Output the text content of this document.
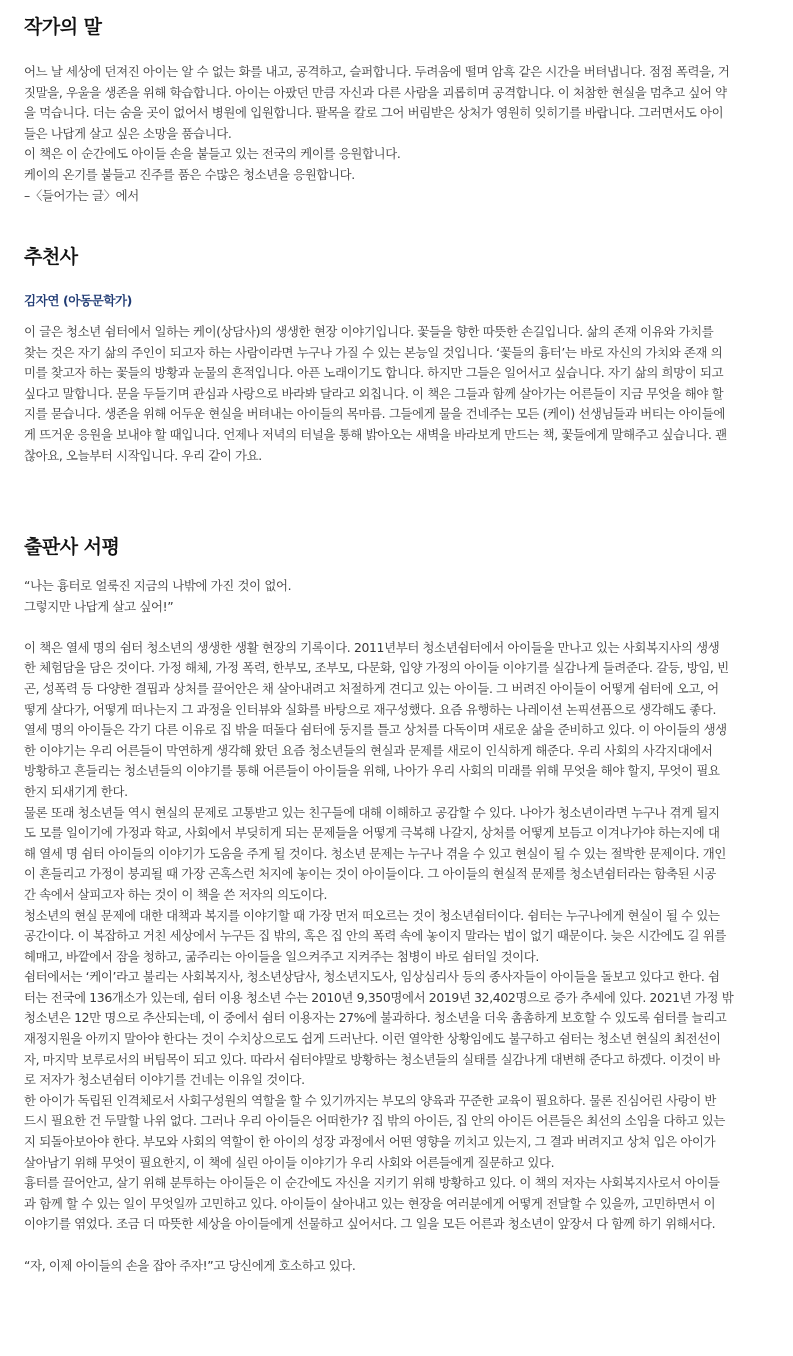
작가의 말
어느 날 세상에 던져진 아이는 알 수 없는 화를 내고, 공격하고, 슬퍼합니다. 두려움에 떨며 암흑 같은 시간을 버텨냅니다. 점점 폭력을, 거
짓말을, 우울을 생존을 위해 학습합니다. 아이는 아팠던 만큼 자신과 다른 사람을 괴롭히며 공격합니다. 이 처참한 현실을 멈추고 싶어 약
을 먹습니다. 더는 숨을 곳이 없어서 병원에 입원합니다. 팔목을 칼로 그어 버림받은 상처가 영원히 잊히기를 바랍니다. 그러면서도 아이
들은 나답게 살고 싶은 소망을 품습니다.
이 책은 이 순간에도 아이들 손을 붙들고 있는 전국의 케이를 응원합니다.
케이의 온기를 붙들고 진주를 품은 수많은 청소년을 응원합니다.
–〈들어가는 글〉에서
추천사
김자연 (아동문학가)
이 글은 청소년 쉼터에서 일하는 케이(상담사)의 생생한 현장 이야기입니다. 꽃들을 향한 따뜻한 손길입니다. 삶의 존재 이유와 가치를
찾는 것은 자기 삶의 주인이 되고자 하는 사람이라면 누구나 가질 수 있는 본능일 것입니다. ‘꽃들의 흉터’는 바로 자신의 가치와 존재 의
미를 찾고자 하는 꽃들의 방황과 눈물의 흔적입니다. 아픈 노래이기도 합니다. 하지만 그들은 일어서고 싶습니다. 자기 삶의 희망이 되고
싶다고 말합니다. 문을 두들기며 관심과 사랑으로 바라봐 달라고 외칩니다. 이 책은 그들과 함께 살아가는 어른들이 지금 무엇을 해야 할
지를 묻습니다. 생존을 위해 어두운 현실을 버텨내는 아이들의 목마름. 그들에게 물을 건네주는 모든 (케이) 선생님들과 버티는 아이들에
게 뜨거운 응원을 보내야 할 때입니다. 언제나 저녁의 터널을 통해 밝아오는 새벽을 바라보게 만드는 책, 꽃들에게 말해주고 싶습니다. 괜
찮아요, 오늘부터 시작입니다. 우리 같이 가요.
출판사 서평
“나는 흉터로 얼룩진 지금의 나밖에 가진 것이 없어.
그렇지만 나답게 살고 싶어!”
이 책은 열세 명의 쉼터 청소년의 생생한 생활 현장의 기록이다. 2011년부터 청소년쉼터에서 아이들을 만나고 있는 사회복지사의 생생
한 체험담을 담은 것이다. 가정 해체, 가정 폭력, 한부모, 조부모, 다문화, 입양 가정의 아이들 이야기를 실감나게 들려준다. 갈등, 방임, 빈
곤, 성폭력 등 다양한 결핍과 상처를 끌어안은 채 살아내려고 처절하게 견디고 있는 아이들. 그 버려진 아이들이 어떻게 쉼터에 오고, 어
떻게 살다가, 어떻게 떠나는지 그 과정을 인터뷰와 실화를 바탕으로 재구성했다. 요즘 유행하는 나레이션 논픽션픔으로 생각해도 좋다.
열세 명의 아이들은 각기 다른 이유로 집 밖을 떠돌다 쉼터에 둥지를 틀고 상처를 다독이며 새로운 삶을 준비하고 있다. 이 아이들의 생생
한 이야기는 우리 어른들이 막연하게 생각해 왔던 요즘 청소년들의 현실과 문제를 새로이 인식하게 해준다. 우리 사회의 사각지대에서
방황하고 흔들리는 청소년들의 이야기를 통해 어른들이 아이들을 위해, 나아가 우리 사회의 미래를 위해 무엇을 해야 할지, 무엇이 필요
한지 되새기게 한다.
물론 또래 청소년들 역시 현실의 문제로 고통받고 있는 친구들에 대해 이해하고 공감할 수 있다. 나아가 청소년이라면 누구나 겪게 될지
도 모를 일이기에 가정과 학교, 사회에서 부딪히게 되는 문제들을 어떻게 극복해 나갈지, 상처를 어떻게 보듬고 이겨나가야 하는지에 대
해 열세 명 쉼터 아이들의 이야기가 도움을 주게 될 것이다. 청소년 문제는 누구나 겪을 수 있고 현실이 될 수 있는 절박한 문제이다. 개인
이 흔들리고 가정이 붕괴될 때 가장 곤혹스런 처지에 놓이는 것이 아이들이다. 그 아이들의 현실적 문제를 청소년쉼터라는 함축된 시공
간 속에서 살피고자 하는 것이 이 책을 쓴 저자의 의도이다.
청소년의 현실 문제에 대한 대책과 복지를 이야기할 때 가장 먼저 떠오르는 것이 청소년쉼터이다. 쉼터는 누구나에게 현실이 될 수 있는
공간이다. 이 복잡하고 거친 세상에서 누구든 집 밖의, 혹은 집 안의 폭력 속에 놓이지 말라는 법이 없기 때문이다. 늦은 시간에도 길 위를
헤매고, 바깥에서 잠을 청하고, 굶주리는 아이들을 일으켜주고 지켜주는 첨병이 바로 쉼터일 것이다.
쉼터에서는 ‘케이’라고 불리는 사회복지사, 청소년상담사, 청소년지도사, 임상심리사 등의 종사자들이 아이들을 돌보고 있다고 한다. 쉼
터는 전국에 136개소가 있는데, 쉼터 이용 청소년 수는 2010년 9,350명에서 2019년 32,402명으로 증가 추세에 있다. 2021년 가정 밖
청소년은 12만 명으로 추산되는데, 이 중에서 쉼터 이용자는 27%에 불과하다. 청소년을 더욱 촘촘하게 보호할 수 있도록 쉼터를 늘리고
재정지원을 아끼지 말아야 한다는 것이 수치상으로도 쉽게 드러난다. 이런 열악한 상황임에도 불구하고 쉼터는 청소년 현실의 최전선이
자, 마지막 보루로서의 버팀목이 되고 있다. 따라서 쉼터야말로 방황하는 청소년들의 실태를 실감나게 대변해 준다고 하겠다. 이것이 바
로 저자가 청소년쉼터 이야기를 건네는 이유일 것이다.
한 아이가 독립된 인격체로서 사회구성원의 역할을 할 수 있기까지는 부모의 양육과 꾸준한 교육이 필요하다. 물론 진심어린 사랑이 반
드시 필요한 건 두말할 나위 없다. 그러나 우리 아이들은 어떠한가? 집 밖의 아이든, 집 안의 아이든 어른들은 최선의 소임을 다하고 있는
지 되돌아보아야 한다. 부모와 사회의 역할이 한 아이의 성장 과정에서 어떤 영향을 끼치고 있는지, 그 결과 버려지고 상처 입은 아이가
살아남기 위해 무엇이 필요한지, 이 책에 실린 아이들 이야기가 우리 사회와 어른들에게 질문하고 있다.
흉터를 끌어안고, 살기 위해 분투하는 아이들은 이 순간에도 자신을 지키기 위해 방황하고 있다. 이 책의 저자는 사회복지사로서 아이들
과 함께 할 수 있는 일이 무엇일까 고민하고 있다. 아이들이 살아내고 있는 현장을 여러분에게 어떻게 전달할 수 있을까, 고민하면서 이
이야기를 엮었다. 조금 더 따뜻한 세상을 아이들에게 선물하고 싶어서다. 그 일을 모든 어른과 청소년이 앞장서 다 함께 하기 위해서다.
“자, 이제 아이들의 손을 잡아 주자!”고 당신에게 호소하고 있다.
